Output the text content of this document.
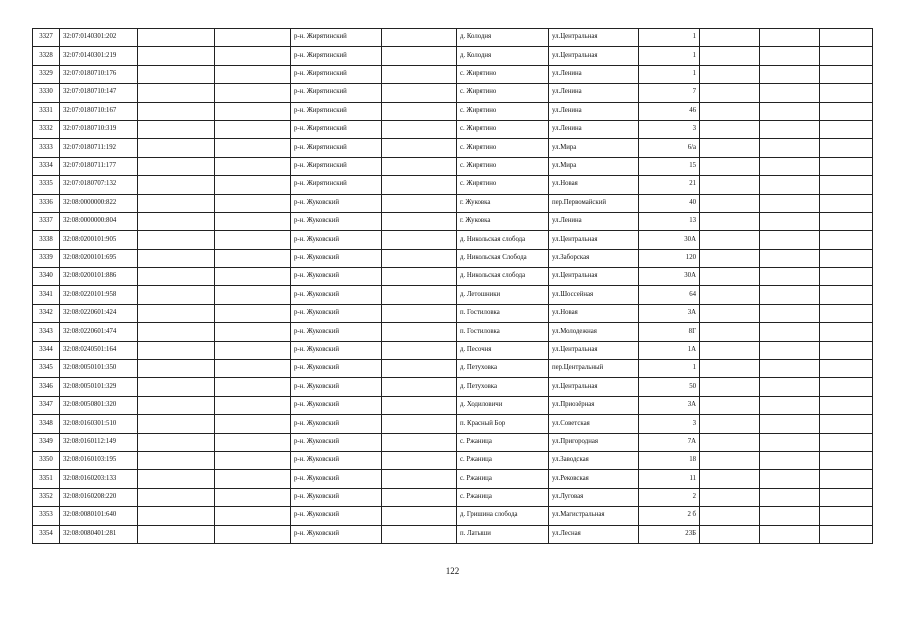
3327	32:07:0140301:202			р-н. Жирятинский		д. Колодня	ул.Центральная	1			
3328	32:07:0140301:219			р-н. Жирятинский		д. Колодня	ул.Центральная	1			
3329	32:07:0180710:176			р-н. Жирятинский		с. Жирятино	ул.Ленина	1			
3330	32:07:0180710:147			р-н. Жирятинский		с. Жирятино	ул.Ленина	7			
3331	32:07:0180710:167			р-н. Жирятинский		с. Жирятино	ул.Ленина	46			
3332	32:07:0180710:319			р-н. Жирятинский		с. Жирятино	ул.Ленина	3			
3333	32:07:0180711:192			р-н. Жирятинский		с. Жирятино	ул.Мира	6/а			
3334	32:07:0180711:177			р-н. Жирятинский		с. Жирятино	ул.Мира	15			
3335	32:07:0180707:132			р-н. Жирятинский		с. Жирятино	ул.Новая	21			
3336	32:08:0000000:822			р-н. Жуковский		г. Жуковка	пер.Первомайский	40			
3337	32:08:0000000:804			р-н. Жуковский		г. Жуковка	ул.Ленина	13			
3338	32:08:0200101:905			р-н. Жуковский		д. Никольская слобода	ул.Центральная	30А			
3339	32:08:0200101:695			р-н. Жуковский		д. Никольская Слобода	ул.Заборская	120			
3340	32:08:0200101:886			р-н. Жуковский		д. Никольская слобода	ул.Центральная	30А			
3341	32:08:0220101:958			р-н. Жуковский		д. Летошники	ул.Шоссейная	64			
3342	32:08:0220601:424			р-н. Жуковский		п. Гостиловка	ул.Новая	3А			
3343	32:08:0220601:474			р-н. Жуковский		п. Гостиловка	ул.Молодежная	8Г			
3344	32:08:0240501:164			р-н. Жуковский		д. Песочня	ул.Центральная	1А			
3345	32:08:0050101:350			р-н. Жуковский		д. Петуховка	пер.Центральный	1			
3346	32:08:0050101:329			р-н. Жуковский		д. Петуховка	ул.Центральная	50			
3347	32:08:0050801:320			р-н. Жуковский		д. Ходиловичи	ул.Приозёрная	3А			
3348	32:08:0160301:510			р-н. Жуковский		п. Красный Бор	ул.Советская	3			
3349	32:08:0160112:149			р-н. Жуковский		с. Ржаница	ул.Пригородная	7А			
3350	32:08:0160103:195			р-н. Жуковский		с. Ржаница	ул.Заводская	18			
3351	32:08:0160203:133			р-н. Жуковский		с. Ржаница	ул.Рековская	11			
3352	32:08:0160208:220			р-н. Жуковский		с. Ржаница	ул.Луговая	2			
3353	32:08:0080101:640			р-н. Жуковский		д. Гришина слобода	ул.Магистральная	2 б			
3354	32:08:0080401:281			р-н. Жуковский		п. Латыши	ул.Лесная	23Б			
122
